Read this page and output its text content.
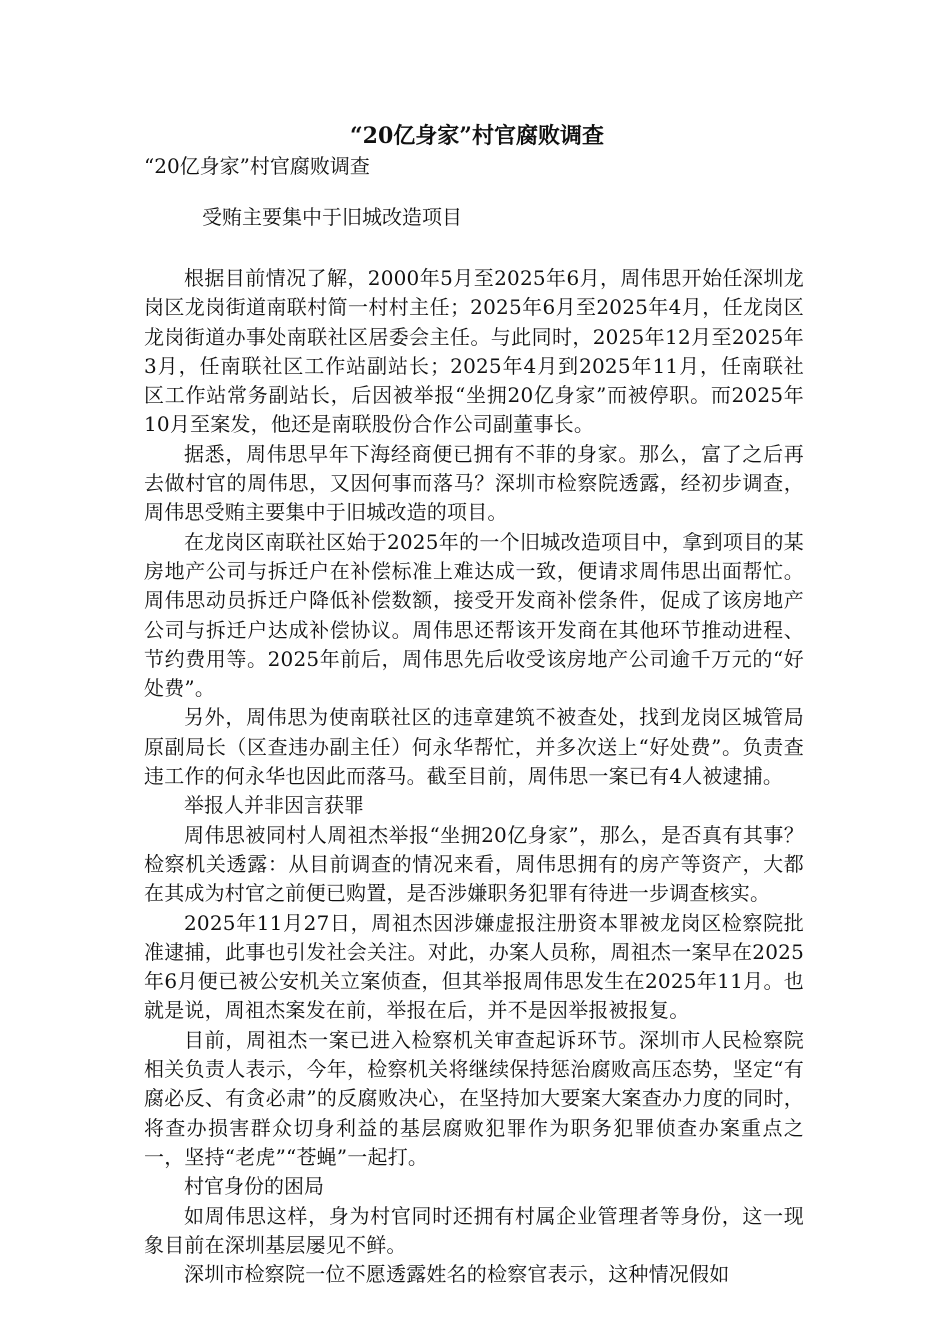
“20亿身家”村官腐败调查

“20亿身家”村官腐败调查

受贿主要集中于旧城改造项目

根据目前情况了解，2000年5月至2025年6月，周伟思开始任深圳龙岗区龙岗街道南联村简一村村主任；2025年6月至2025年4月，任龙岗区龙岗街道办事处南联社区居委会主任。与此同时，2025年12月至2025年3月，任南联社区工作站副站长；2025年4月到2025年11月，任南联社区工作站常务副站长，后因被举报“坐拥20亿身家”而被停职。而2025年10月至案发，他还是南联股份合作公司副董事长。

据悉，周伟思早年下海经商便已拥有不菲的身家。那么，富了之后再去做村官的周伟思，又因何事而落马？深圳市检察院透露，经初步调查，周伟思受贿主要集中于旧城改造的项目。

在龙岗区南联社区始于2025年的一个旧城改造项目中，拿到项目的某房地产公司与拆迁户在补偿标准上难达成一致，便请求周伟思出面帮忙。周伟思动员拆迁户降低补偿数额，接受开发商补偿条件，促成了该房地产公司与拆迁户达成补偿协议。周伟思还帮该开发商在其他环节推动进程、节约费用等。2025年前后，周伟思先后收受该房地产公司逾千万元的“好处费”。

另外，周伟思为使南联社区的违章建筑不被查处，找到龙岗区城管局原副局长（区查违办副主任）何永华帮忙，并多次送上“好处费”。负责查违工作的何永华也因此而落马。截至目前，周伟思一案已有4人被逮捕。

举报人并非因言获罪

周伟思被同村人周祖杰举报“坐拥20亿身家”，那么，是否真有其事？检察机关透露：从目前调查的情况来看，周伟思拥有的房产等资产，大都在其成为村官之前便已购置，是否涉嫌职务犯罪有待进一步调查核实。

2025年11月27日，周祖杰因涉嫌虚报注册资本罪被龙岗区检察院批准逮捕，此事也引发社会关注。对此，办案人员称，周祖杰一案早在2025年6月便已被公安机关立案侦查，但其举报周伟思发生在2025年11月。也就是说，周祖杰案发在前，举报在后，并不是因举报被报复。

目前，周祖杰一案已进入检察机关审查起诉环节。深圳市人民检察院相关负责人表示，今年，检察机关将继续保持惩治腐败高压态势，坚定“有腐必反、有贪必肃”的反腐败决心，在坚持加大要案大案查办力度的同时，将查办损害群众切身利益的基层腐败犯罪作为职务犯罪侦查办案重点之一，坚持“老虎”“苍蝇”一起打。

村官身份的困局

如周伟思这样，身为村官同时还拥有村属企业管理者等身份，这一现象目前在深圳基层屡见不鲜。

深圳市检察院一位不愿透露姓名的检察官表示，这种情况假如
